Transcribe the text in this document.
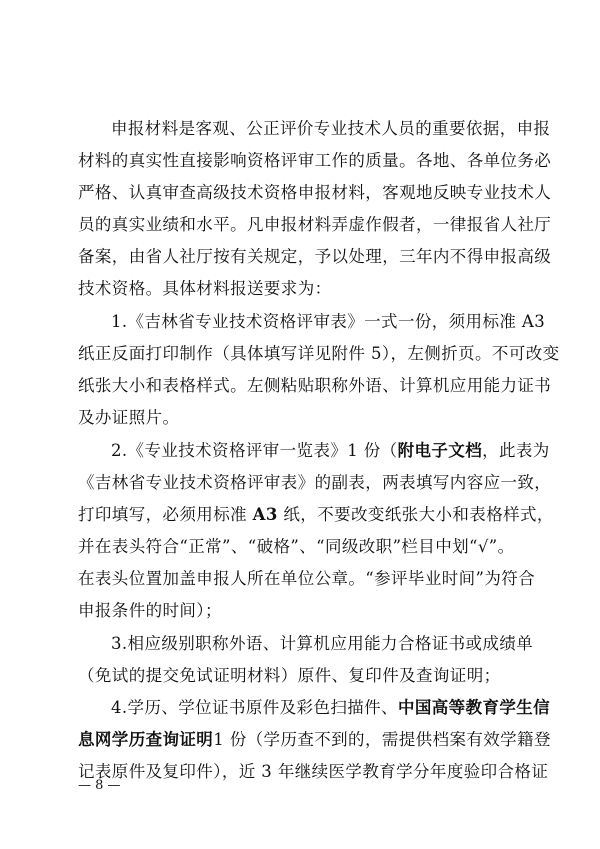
申报材料是客观、公正评价专业技术人员的重要依据，申报
材料的真实性直接影响资格评审工作的质量。各地、各单位务必
严格、认真审查高级技术资格申报材料，客观地反映专业技术人
员的真实业绩和水平。凡申报材料弄虚作假者，一律报省人社厅
备案，由省人社厅按有关规定，予以处理，三年内不得申报高级
技术资格。具体材料报送要求为：
1.《吉林省专业技术资格评审表》一式一份，须用标准 A3
纸正反面打印制作（具体填写详见附件 5），左侧折页。不可改变
纸张大小和表格样式。左侧粘贴职称外语、计算机应用能力证书
及办证照片。
2.《专业技术资格评审一览表》1 份（附电子文档，此表为
《吉林省专业技术资格评审表》的副表，两表填写内容应一致，
打印填写，必须用标准 A3 纸，不要改变纸张大小和表格样式，
并在表头符合“正常”、“破格”、“同级改职”栏目中划“√”。
在表头位置加盖申报人所在单位公章。“参评毕业时间”为符合
申报条件的时间）；
3.相应级别职称外语、计算机应用能力合格证书或成绩单
（免试的提交免试证明材料）原件、复印件及查询证明；
4.学历、学位证书原件及彩色扫描件、中国高等教育学生信
息网学历查询证明1 份（学历查不到的，需提供档案有效学籍登
记表原件及复印件），近 3 年继续医学教育学分年度验印合格证
— 8 —
